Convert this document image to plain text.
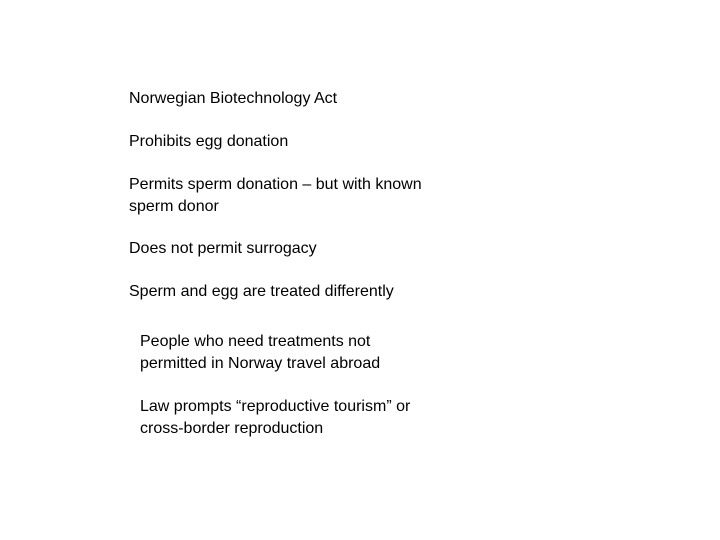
Norwegian Biotechnology Act
Prohibits egg donation
Permits sperm donation – but with known
sperm donor
Does not permit surrogacy
Sperm and egg are treated differently
People who need treatments not
permitted in Norway travel abroad
Law prompts “reproductive tourism” or
cross-border reproduction
